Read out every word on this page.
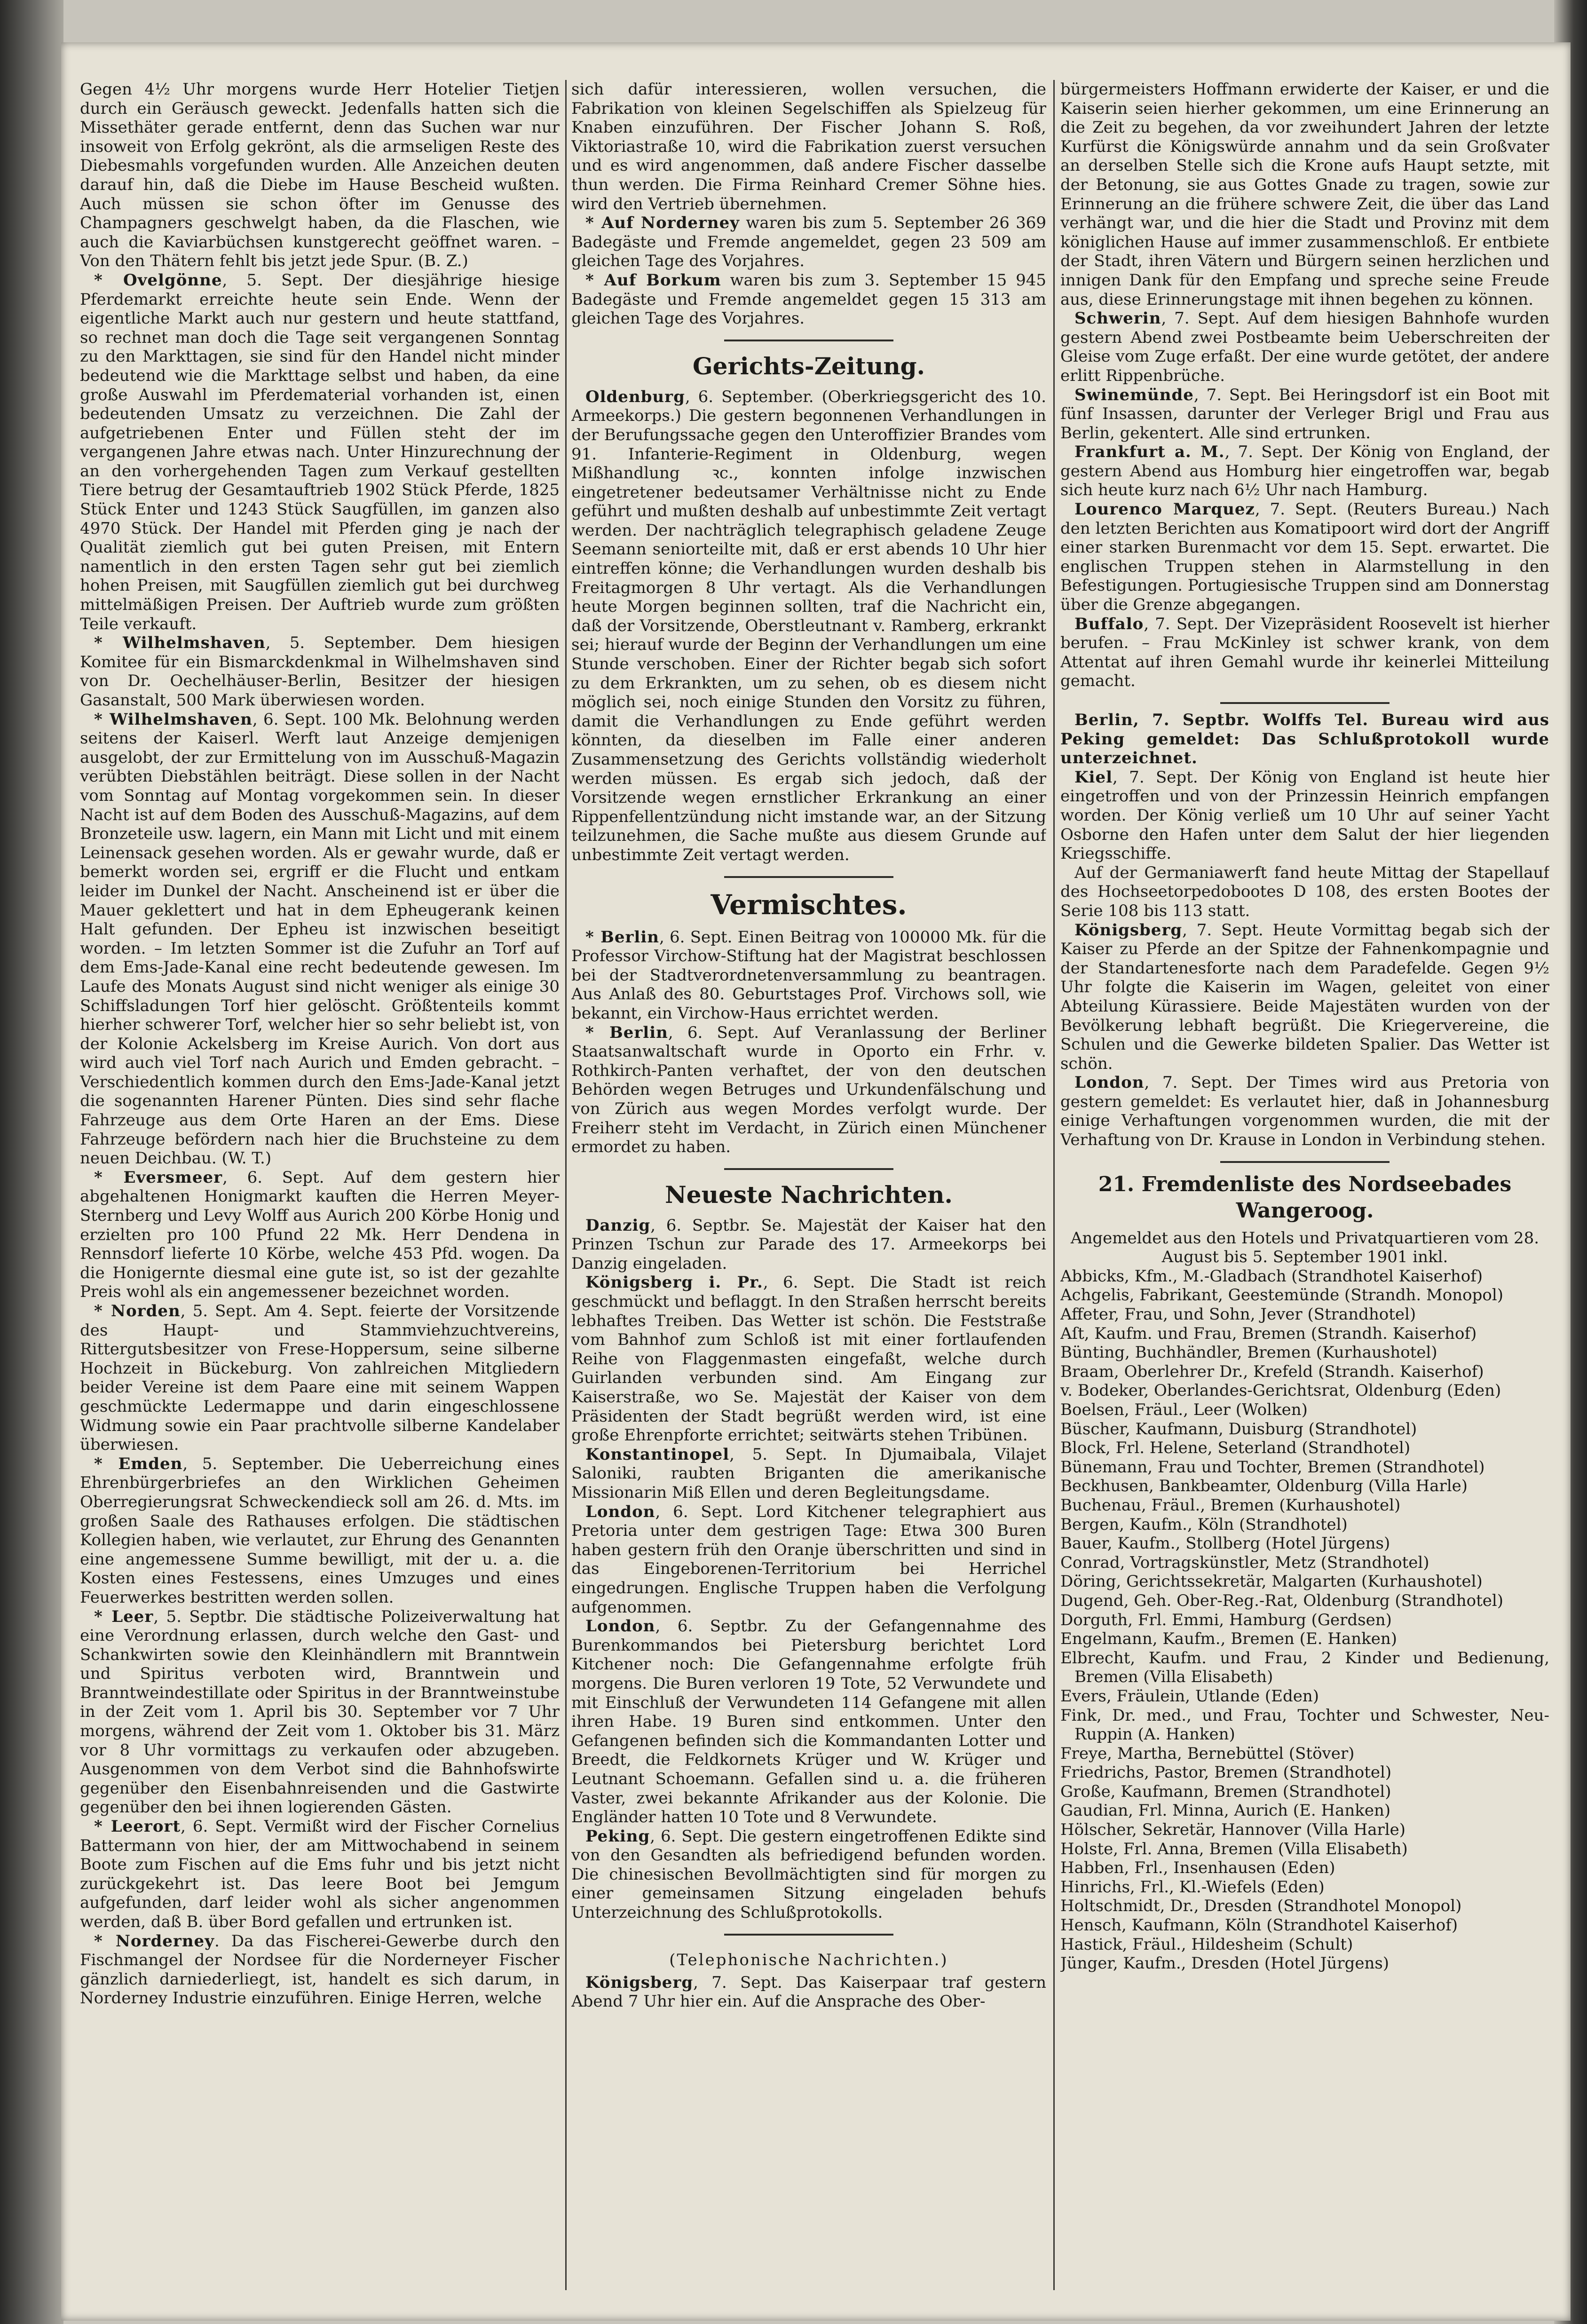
Gegen 4½ Uhr morgens wurde Herr Hotelier Tietjen durch ein Geräusch geweckt. Jedenfalls hatten sich die Missethäter gerade entfernt, denn das Suchen war nur insoweit von Erfolg gekrönt, als die armseligen Reste des Diebesmahls vorgefunden wurden. Alle Anzeichen deuten darauf hin, daß die Diebe im Hause Bescheid wußten. Auch müssen sie schon öfter im Genusse des Champagners geschwelgt haben, da die Flaschen, wie auch die Kaviarbüchsen kunstgerecht geöffnet waren. – Von den Thätern fehlt bis jetzt jede Spur. (B. Z.)

* Ovelgönne, 5. Sept. Der diesjährige hiesige Pferdemarkt erreichte heute sein Ende. Wenn der eigentliche Markt auch nur gestern und heute stattfand, so rechnet man doch die Tage seit vergangenen Sonntag zu den Markttagen, sie sind für den Handel nicht minder bedeutend wie die Markttage selbst und haben, da eine große Auswahl im Pferdematerial vorhanden ist, einen bedeutenden Umsatz zu verzeichnen. Die Zahl der aufgetriebenen Enter und Füllen steht der im vergangenen Jahre etwas nach. Unter Hinzurechnung der an den vorhergehenden Tagen zum Verkauf gestellten Tiere betrug der Gesamtauftrieb 1902 Stück Pferde, 1825 Stück Enter und 1243 Stück Saugfüllen, im ganzen also 4970 Stück. Der Handel mit Pferden ging je nach der Qualität ziemlich gut bei guten Preisen, mit Entern namentlich in den ersten Tagen sehr gut bei ziemlich hohen Preisen, mit Saugfüllen ziemlich gut bei durchweg mittelmäßigen Preisen. Der Auftrieb wurde zum größten Teile verkauft.

* Wilhelmshaven, 5. September. Dem hiesigen Komitee für ein Bismarckdenkmal in Wilhelmshaven sind von Dr. Oechelhäuser-Berlin, Besitzer der hiesigen Gasanstalt, 500 Mark überwiesen worden.

* Wilhelmshaven, 6. Sept. 100 Mk. Belohnung werden seitens der Kaiserl. Werft laut Anzeige demjenigen ausgelobt, der zur Ermittelung von im Ausschuß-Magazin verübten Diebstählen beiträgt. Diese sollen in der Nacht vom Sonntag auf Montag vorgekommen sein. In dieser Nacht ist auf dem Boden des Ausschuß-Magazins, auf dem Bronzeteile usw. lagern, ein Mann mit Licht und mit einem Leinensack gesehen worden. Als er gewahr wurde, daß er bemerkt worden sei, ergriff er die Flucht und entkam leider im Dunkel der Nacht. Anscheinend ist er über die Mauer geklettert und hat in dem Epheugerank keinen Halt gefunden. Der Epheu ist inzwischen beseitigt worden. – Im letzten Sommer ist die Zufuhr an Torf auf dem Ems-Jade-Kanal eine recht bedeutende gewesen. Im Laufe des Monats August sind nicht weniger als einige 30 Schiffsladungen Torf hier gelöscht. Größtenteils kommt hierher schwerer Torf, welcher hier so sehr beliebt ist, von der Kolonie Ackelsberg im Kreise Aurich. Von dort aus wird auch viel Torf nach Aurich und Emden gebracht. – Verschiedentlich kommen durch den Ems-Jade-Kanal jetzt die sogenannten Harener Pünten. Dies sind sehr flache Fahrzeuge aus dem Orte Haren an der Ems. Diese Fahrzeuge befördern nach hier die Bruchsteine zu dem neuen Deichbau. (W. T.)

* Eversmeer, 6. Sept. Auf dem gestern hier abgehaltenen Honigmarkt kauften die Herren Meyer-Sternberg und Levy Wolff aus Aurich 200 Körbe Honig und erzielten pro 100 Pfund 22 Mk. Herr Dendena in Rennsdorf lieferte 10 Körbe, welche 453 Pfd. wogen. Da die Honigernte diesmal eine gute ist, so ist der gezahlte Preis wohl als ein angemessener bezeichnet worden.

* Norden, 5. Sept. Am 4. Sept. feierte der Vorsitzende des Haupt- und Stammviehzuchtvereins, Rittergutsbesitzer von Frese-Hoppersum, seine silberne Hochzeit in Bückeburg. Von zahlreichen Mitgliedern beider Vereine ist dem Paare eine mit seinem Wappen geschmückte Ledermappe und darin eingeschlossene Widmung sowie ein Paar prachtvolle silberne Kandelaber überwiesen.

* Emden, 5. September. Die Ueberreichung eines Ehrenbürgerbriefes an den Wirklichen Geheimen Oberregierungsrat Schweckendieck soll am 26. d. Mts. im großen Saale des Rathauses erfolgen. Die städtischen Kollegien haben, wie verlautet, zur Ehrung des Genannten eine angemessene Summe bewilligt, mit der u. a. die Kosten eines Festessens, eines Umzuges und eines Feuerwerkes bestritten werden sollen.

* Leer, 5. Septbr. Die städtische Polizeiverwaltung hat eine Verordnung erlassen, durch welche den Gast- und Schankwirten sowie den Kleinhändlern mit Branntwein und Spiritus verboten wird, Branntwein und Branntweindestillate oder Spiritus in der Branntweinstube in der Zeit vom 1. April bis 30. September vor 7 Uhr morgens, während der Zeit vom 1. Oktober bis 31. März vor 8 Uhr vormittags zu verkaufen oder abzugeben. Ausgenommen von dem Verbot sind die Bahnhofswirte gegenüber den Eisenbahnreisenden und die Gastwirte gegenüber den bei ihnen logierenden Gästen.

* Leerort, 6. Sept. Vermißt wird der Fischer Cornelius Battermann von hier, der am Mittwochabend in seinem Boote zum Fischen auf die Ems fuhr und bis jetzt nicht zurückgekehrt ist. Das leere Boot bei Jemgum aufgefunden, darf leider wohl als sicher angenommen werden, daß B. über Bord gefallen und ertrunken ist.

* Norderney. Da das Fischerei-Gewerbe durch den Fischmangel der Nordsee für die Norderneyer Fischer gänzlich darniederliegt, ist, handelt es sich darum, in Norderney Industrie einzuführen. Einige Herren, welche

sich dafür interessieren, wollen versuchen, die Fabrikation von kleinen Segelschiffen als Spielzeug für Knaben einzuführen. Der Fischer Johann S. Roß, Viktoriastraße 10, wird die Fabrikation zuerst versuchen und es wird angenommen, daß andere Fischer dasselbe thun werden. Die Firma Reinhard Cremer Söhne hies. wird den Vertrieb übernehmen.

* Auf Norderney waren bis zum 5. September 26 369 Badegäste und Fremde angemeldet, gegen 23 509 am gleichen Tage des Vorjahres.

* Auf Borkum waren bis zum 3. September 15 945 Badegäste und Fremde angemeldet gegen 15 313 am gleichen Tage des Vorjahres.

Gerichts-Zeitung.

Oldenburg, 6. September. (Oberkriegsgericht des 10. Armeekorps.) Die gestern begonnenen Verhandlungen in der Berufungssache gegen den Unteroffizier Brandes vom 91. Infanterie-Regiment in Oldenburg, wegen Mißhandlung ꝛc., konnten infolge inzwischen eingetretener bedeutsamer Verhältnisse nicht zu Ende geführt und mußten deshalb auf unbestimmte Zeit vertagt werden. Der nachträglich telegraphisch geladene Zeuge Seemann seniorteilte mit, daß er erst abends 10 Uhr hier eintreffen könne; die Verhandlungen wurden deshalb bis Freitagmorgen 8 Uhr vertagt. Als die Verhandlungen heute Morgen beginnen sollten, traf die Nachricht ein, daß der Vorsitzende, Oberstleutnant v. Ramberg, erkrankt sei; hierauf wurde der Beginn der Verhandlungen um eine Stunde verschoben. Einer der Richter begab sich sofort zu dem Erkrankten, um zu sehen, ob es diesem nicht möglich sei, noch einige Stunden den Vorsitz zu führen, damit die Verhandlungen zu Ende geführt werden könnten, da dieselben im Falle einer anderen Zusammensetzung des Gerichts vollständig wiederholt werden müssen. Es ergab sich jedoch, daß der Vorsitzende wegen ernstlicher Erkrankung an einer Rippenfellentzündung nicht imstande war, an der Sitzung teilzunehmen, die Sache mußte aus diesem Grunde auf unbestimmte Zeit vertagt werden.

Vermischtes.

* Berlin, 6. Sept. Einen Beitrag von 100000 Mk. für die Professor Virchow-Stiftung hat der Magistrat beschlossen bei der Stadtverordnetenversammlung zu beantragen. Aus Anlaß des 80. Geburtstages Prof. Virchows soll, wie bekannt, ein Virchow-Haus errichtet werden.

* Berlin, 6. Sept. Auf Veranlassung der Berliner Staatsanwaltschaft wurde in Oporto ein Frhr. v. Rothkirch-Panten verhaftet, der von den deutschen Behörden wegen Betruges und Urkundenfälschung und von Zürich aus wegen Mordes verfolgt wurde. Der Freiherr steht im Verdacht, in Zürich einen Münchener ermordet zu haben.

Neueste Nachrichten.

Danzig, 6. Septbr. Se. Majestät der Kaiser hat den Prinzen Tschun zur Parade des 17. Armeekorps bei Danzig eingeladen.

Königsberg i. Pr., 6. Sept. Die Stadt ist reich geschmückt und beflaggt. In den Straßen herrscht bereits lebhaftes Treiben. Das Wetter ist schön. Die Feststraße vom Bahnhof zum Schloß ist mit einer fortlaufenden Reihe von Flaggenmasten eingefaßt, welche durch Guirlanden verbunden sind. Am Eingang zur Kaiserstraße, wo Se. Majestät der Kaiser von dem Präsidenten der Stadt begrüßt werden wird, ist eine große Ehrenpforte errichtet; seitwärts stehen Tribünen.

Konstantinopel, 5. Sept. In Djumaibala, Vilajet Saloniki, raubten Briganten die amerikanische Missionarin Miß Ellen und deren Begleitungsdame.

London, 6. Sept. Lord Kitchener telegraphiert aus Pretoria unter dem gestrigen Tage: Etwa 300 Buren haben gestern früh den Oranje überschritten und sind in das Eingeborenen-Territorium bei Herrichel eingedrungen. Englische Truppen haben die Verfolgung aufgenommen.

London, 6. Septbr. Zu der Gefangennahme des Burenkommandos bei Pietersburg berichtet Lord Kitchener noch: Die Gefangennahme erfolgte früh morgens. Die Buren verloren 19 Tote, 52 Verwundete und mit Einschluß der Verwundeten 114 Gefangene mit allen ihren Habe. 19 Buren sind entkommen. Unter den Gefangenen befinden sich die Kommandanten Lotter und Breedt, die Feldkornets Krüger und W. Krüger und Leutnant Schoemann. Gefallen sind u. a. die früheren Vaster, zwei bekannte Afrikander aus der Kolonie. Die Engländer hatten 10 Tote und 8 Verwundete.

Peking, 6. Sept. Die gestern eingetroffenen Edikte sind von den Gesandten als befriedigend befunden worden. Die chinesischen Bevollmächtigten sind für morgen zu einer gemeinsamen Sitzung eingeladen behufs Unterzeichnung des Schlußprotokolls.

(Telephonische Nachrichten.)

Königsberg, 7. Sept. Das Kaiserpaar traf gestern Abend 7 Uhr hier ein. Auf die Ansprache des Ober-

bürgermeisters Hoffmann erwiderte der Kaiser, er und die Kaiserin seien hierher gekommen, um eine Erinnerung an die Zeit zu begehen, da vor zweihundert Jahren der letzte Kurfürst die Königswürde annahm und da sein Großvater an derselben Stelle sich die Krone aufs Haupt setzte, mit der Betonung, sie aus Gottes Gnade zu tragen, sowie zur Erinnerung an die frühere schwere Zeit, die über das Land verhängt war, und die hier die Stadt und Provinz mit dem königlichen Hause auf immer zusammenschloß. Er entbiete der Stadt, ihren Vätern und Bürgern seinen herzlichen und innigen Dank für den Empfang und spreche seine Freude aus, diese Erinnerungstage mit ihnen begehen zu können.

Schwerin, 7. Sept. Auf dem hiesigen Bahnhofe wurden gestern Abend zwei Postbeamte beim Ueberschreiten der Gleise vom Zuge erfaßt. Der eine wurde getötet, der andere erlitt Rippenbrüche.

Swinemünde, 7. Sept. Bei Heringsdorf ist ein Boot mit fünf Insassen, darunter der Verleger Brigl und Frau aus Berlin, gekentert. Alle sind ertrunken.

Frankfurt a. M., 7. Sept. Der König von England, der gestern Abend aus Homburg hier eingetroffen war, begab sich heute kurz nach 6½ Uhr nach Hamburg.

Lourenco Marquez, 7. Sept. (Reuters Bureau.) Nach den letzten Berichten aus Komatipoort wird dort der Angriff einer starken Burenmacht vor dem 15. Sept. erwartet. Die englischen Truppen stehen in Alarmstellung in den Befestigungen. Portugiesische Truppen sind am Donnerstag über die Grenze abgegangen.

Buffalo, 7. Sept. Der Vizepräsident Roosevelt ist hierher berufen. – Frau McKinley ist schwer krank, von dem Attentat auf ihren Gemahl wurde ihr keinerlei Mitteilung gemacht.

Berlin, 7. Septbr. Wolffs Tel. Bureau wird aus Peking gemeldet: Das Schlußprotokoll wurde unterzeichnet.

Kiel, 7. Sept. Der König von England ist heute hier eingetroffen und von der Prinzessin Heinrich empfangen worden. Der König verließ um 10 Uhr auf seiner Yacht Osborne den Hafen unter dem Salut der hier liegenden Kriegsschiffe.

Auf der Germaniawerft fand heute Mittag der Stapellauf des Hochseetorpedobootes D 108, des ersten Bootes der Serie 108 bis 113 statt.

Königsberg, 7. Sept. Heute Vormittag begab sich der Kaiser zu Pferde an der Spitze der Fahnenkompagnie und der Standartenesforte nach dem Paradefelde. Gegen 9½ Uhr folgte die Kaiserin im Wagen, geleitet von einer Abteilung Kürassiere. Beide Majestäten wurden von der Bevölkerung lebhaft begrüßt. Die Kriegervereine, die Schulen und die Gewerke bildeten Spalier. Das Wetter ist schön.

London, 7. Sept. Der Times wird aus Pretoria von gestern gemeldet: Es verlautet hier, daß in Johannesburg einige Verhaftungen vorgenommen wurden, die mit der Verhaftung von Dr. Krause in London in Verbindung stehen.

21. Fremdenliste des Nordseebades Wangeroog.

Angemeldet aus den Hotels und Privatquartieren vom 28. August bis 5. September 1901 inkl.

Abbicks, Kfm., M.-Gladbach (Strandhotel Kaiserhof)
Achgelis, Fabrikant, Geestemünde (Strandh. Monopol)
Affeter, Frau, und Sohn, Jever (Strandhotel)
Aſt, Kaufm. und Frau, Bremen (Strandh. Kaiserhof)
Bünting, Buchhändler, Bremen (Kurhaushotel)
Braam, Oberlehrer Dr., Krefeld (Strandh. Kaiserhof)
v. Bodeker, Oberlandes-Gerichtsrat, Oldenburg (Eden)
Boelsen, Fräul., Leer (Wolken)
Büscher, Kaufmann, Duisburg (Strandhotel)
Block, Frl. Helene, Seterland (Strandhotel)
Bünemann, Frau und Tochter, Bremen (Strandhotel)
Beckhusen, Bankbeamter, Oldenburg (Villa Harle)
Buchenau, Fräul., Bremen (Kurhaushotel)
Bergen, Kaufm., Köln (Strandhotel)
Bauer, Kaufm., Stollberg (Hotel Jürgens)
Conrad, Vortragskünstler, Metz (Strandhotel)
Döring, Gerichtssekretär, Malgarten (Kurhaushotel)
Dugend, Geh. Ober-Reg.-Rat, Oldenburg (Strandhotel)
Dorguth, Frl. Emmi, Hamburg (Gerdsen)
Engelmann, Kaufm., Bremen (E. Hanken)
Elbrecht, Kaufm. und Frau, 2 Kinder und Bedienung, Bremen (Villa Elisabeth)
Evers, Fräulein, Utlande (Eden)
Fink, Dr. med., und Frau, Tochter und Schwester, Neu-Ruppin (A. Hanken)
Freye, Martha, Bernebüttel (Stöver)
Friedrichs, Pastor, Bremen (Strandhotel)
Große, Kaufmann, Bremen (Strandhotel)
Gaudian, Frl. Minna, Aurich (E. Hanken)
Hölscher, Sekretär, Hannover (Villa Harle)
Holste, Frl. Anna, Bremen (Villa Elisabeth)
Habben, Frl., Insenhausen (Eden)
Hinrichs, Frl., Kl.-Wiefels (Eden)
Holtschmidt, Dr., Dresden (Strandhotel Monopol)
Hensch, Kaufmann, Köln (Strandhotel Kaiserhof)
Hastick, Fräul., Hildesheim (Schult)
Jünger, Kaufm., Dresden (Hotel Jürgens)
